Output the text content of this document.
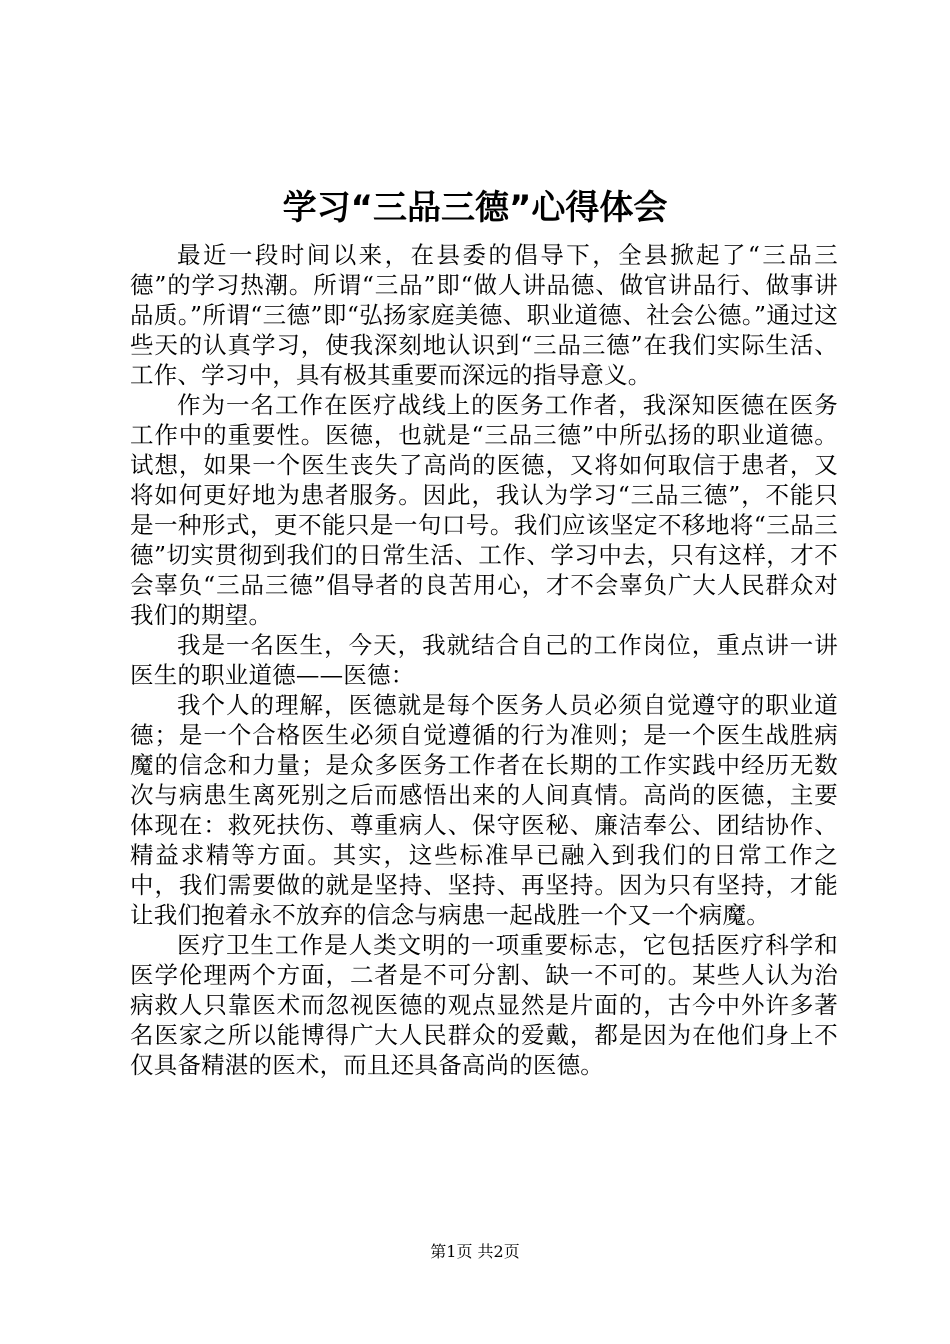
学习“三品三德”心得体会

最近一段时间以来，在县委的倡导下，全县掀起了“三品三德”的学习热潮。所谓“三品”即“做人讲品德、做官讲品行、做事讲品质。”所谓“三德”即“弘扬家庭美德、职业道德、社会公德。”通过这些天的认真学习，使我深刻地认识到“三品三德”在我们实际生活、工作、学习中，具有极其重要而深远的指导意义。

作为一名工作在医疗战线上的医务工作者，我深知医德在医务工作中的重要性。医德，也就是“三品三德”中所弘扬的职业道德。试想，如果一个医生丧失了高尚的医德，又将如何取信于患者，又将如何更好地为患者服务。因此，我认为学习“三品三德”，不能只是一种形式，更不能只是一句口号。我们应该坚定不移地将“三品三德”切实贯彻到我们的日常生活、工作、学习中去，只有这样，才不会辜负“三品三德”倡导者的良苦用心，才不会辜负广大人民群众对我们的期望。

我是一名医生，今天，我就结合自己的工作岗位，重点讲一讲医生的职业道德——医德：

我个人的理解，医德就是每个医务人员必须自觉遵守的职业道德；是一个合格医生必须自觉遵循的行为准则；是一个医生战胜病魔的信念和力量；是众多医务工作者在长期的工作实践中经历无数次与病患生离死别之后而感悟出来的人间真情。高尚的医德，主要体现在：救死扶伤、尊重病人、保守医秘、廉洁奉公、团结协作、精益求精等方面。其实，这些标准早已融入到我们的日常工作之中，我们需要做的就是坚持、坚持、再坚持。因为只有坚持，才能让我们抱着永不放弃的信念与病患一起战胜一个又一个病魔。

医疗卫生工作是人类文明的一项重要标志，它包括医疗科学和医学伦理两个方面，二者是不可分割、缺一不可的。某些人认为治病救人只靠医术而忽视医德的观点显然是片面的，古今中外许多著名医家之所以能博得广大人民群众的爱戴，都是因为在他们身上不仅具备精湛的医术，而且还具备高尚的医德。

第1页 共2页
